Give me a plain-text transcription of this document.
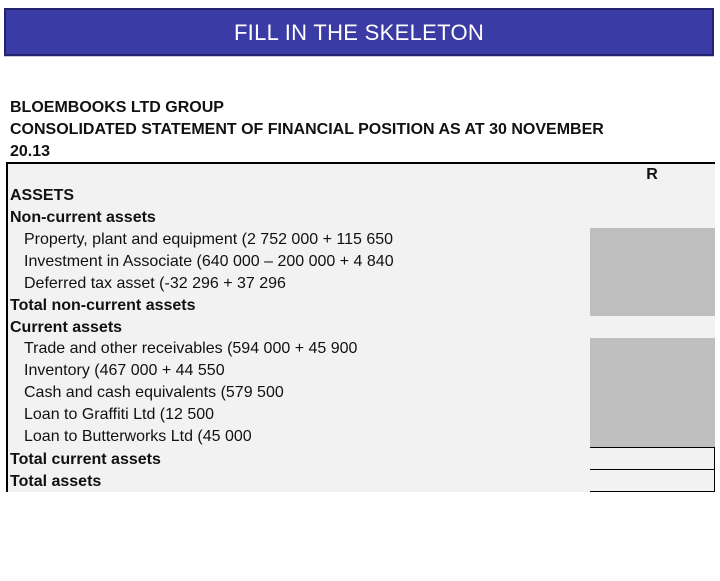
FILL IN THE SKELETON
BLOEMBOOKS LTD GROUP
CONSOLIDATED STATEMENT OF FINANCIAL POSITION AS AT 30 NOVEMBER
20.13
R
ASSETS
Non-current assets
Property, plant and equipment (2 752 000 + 115 650
Investment in Associate (640 000 – 200 000 + 4 840
Deferred tax asset (-32 296 + 37 296
Total non-current assets
Current assets
Trade and other receivables (594 000 + 45 900
Inventory (467 000 + 44 550
Cash and cash equivalents (579 500
Loan to Graffiti Ltd (12 500
Loan to Butterworks Ltd (45 000
Total current assets
Total assets
